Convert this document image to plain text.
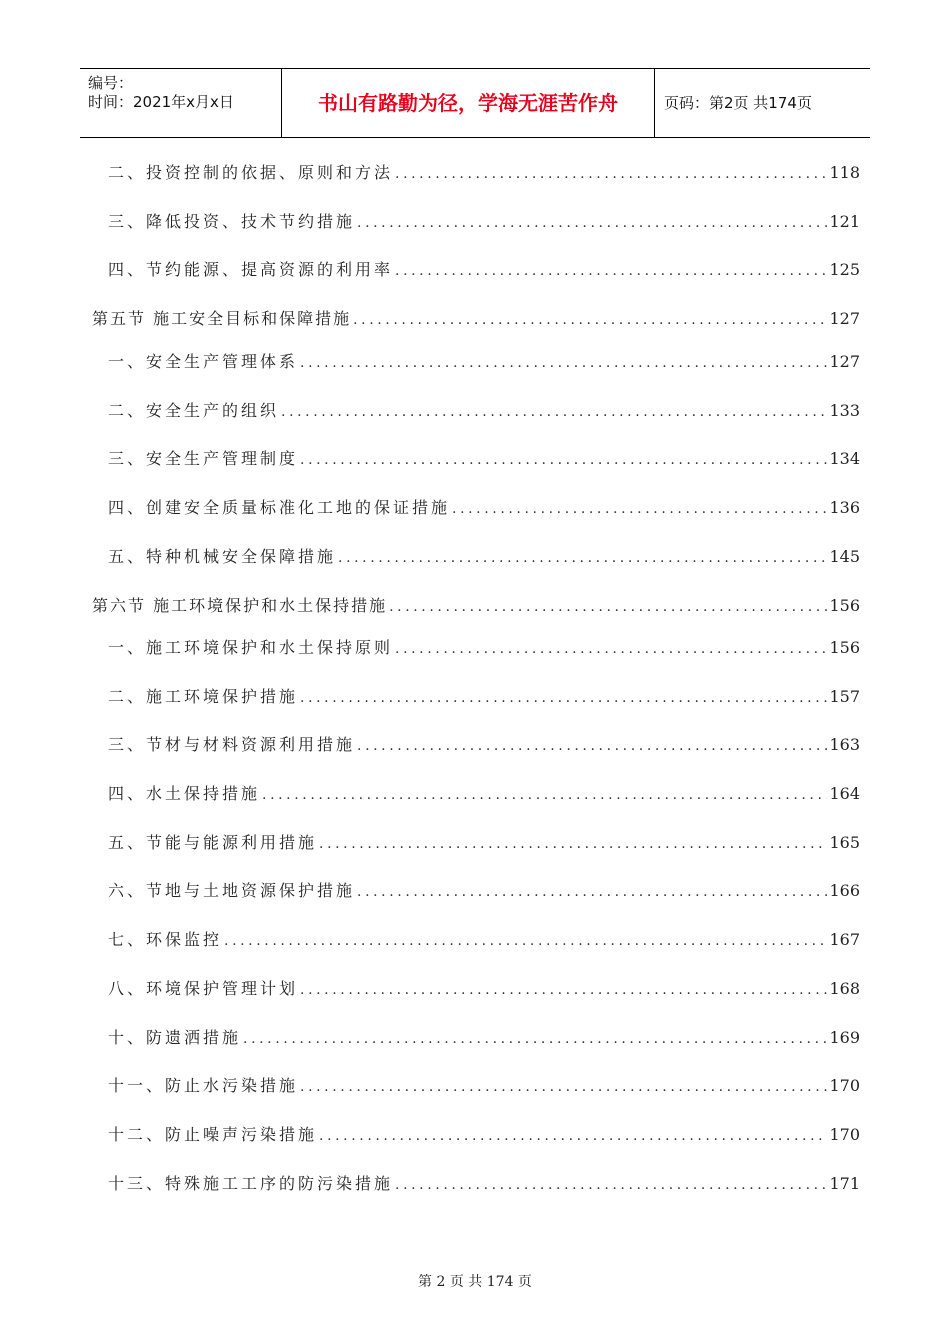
编号：
时间：2021年x月x日	书山有路勤为径，学海无涯苦作舟	页码：第2页 共174页
二、投资控制的依据、原则和方法 .....	118
三、降低投资、技术节约措施 .....	121
四、节约能源、提高资源的利用率 .....	125
第五节 施工安全目标和保障措施 .....	127
一、安全生产管理体系 .....	127
二、安全生产的组织 .....	133
三、安全生产管理制度 .....	134
四、创建安全质量标准化工地的保证措施 .....	136
五、特种机械安全保障措施 .....	145
第六节 施工环境保护和水土保持措施 .....	156
一、施工环境保护和水土保持原则 .....	156
二、施工环境保护措施 .....	157
三、节材与材料资源利用措施 .....	163
四、水土保持措施 .....	164
五、节能与能源利用措施 .....	165
六、节地与土地资源保护措施 .....	166
七、环保监控 .....	167
八、环境保护管理计划 .....	168
十、防遗洒措施 .....	169
十一、防止水污染措施 .....	170
十二、防止噪声污染措施 .....	170
十三、特殊施工工序的防污染措施 .....	171
第 2 页 共 174 页
